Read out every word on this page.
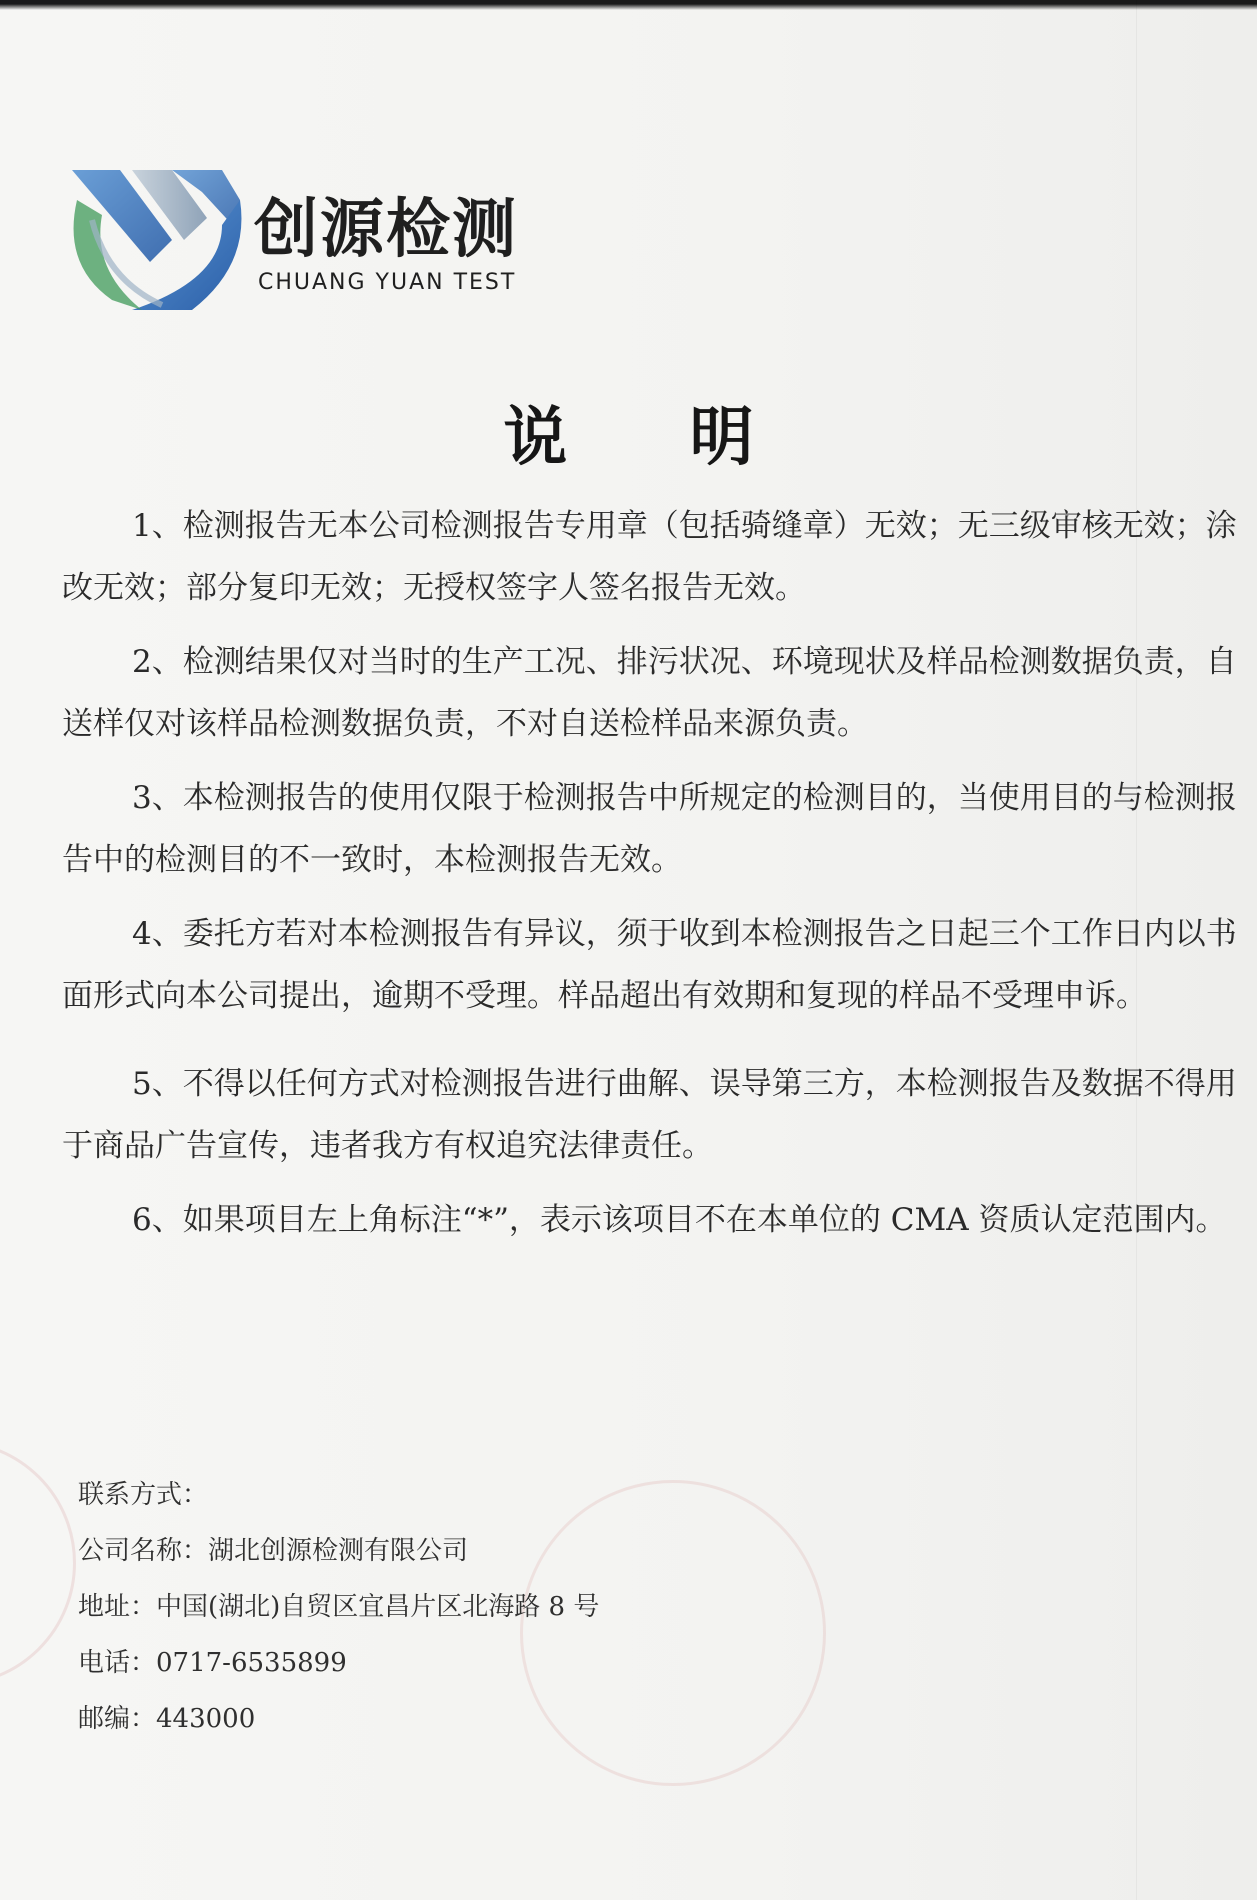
创源检测
CHUANG YUAN TEST
说 明

1、检测报告无本公司检测报告专用章（包括骑缝章）无效；无三级审核无效；涂改无效；部分复印无效；无授权签字人签名报告无效。

2、检测结果仅对当时的生产工况、排污状况、环境现状及样品检测数据负责，自送样仅对该样品检测数据负责，不对自送检样品来源负责。

3、本检测报告的使用仅限于检测报告中所规定的检测目的，当使用目的与检测报告中的检测目的不一致时，本检测报告无效。

4、委托方若对本检测报告有异议，须于收到本检测报告之日起三个工作日内以书面形式向本公司提出，逾期不受理。样品超出有效期和复现的样品不受理申诉。

5、不得以任何方式对检测报告进行曲解、误导第三方，本检测报告及数据不得用于商品广告宣传，违者我方有权追究法律责任。

6、如果项目左上角标注“*”，表示该项目不在本单位的 CMA 资质认定范围内。

联系方式：
公司名称：湖北创源检测有限公司
地址：中国(湖北)自贸区宜昌片区北海路 8 号
电话：0717-6535899
邮编：443000
